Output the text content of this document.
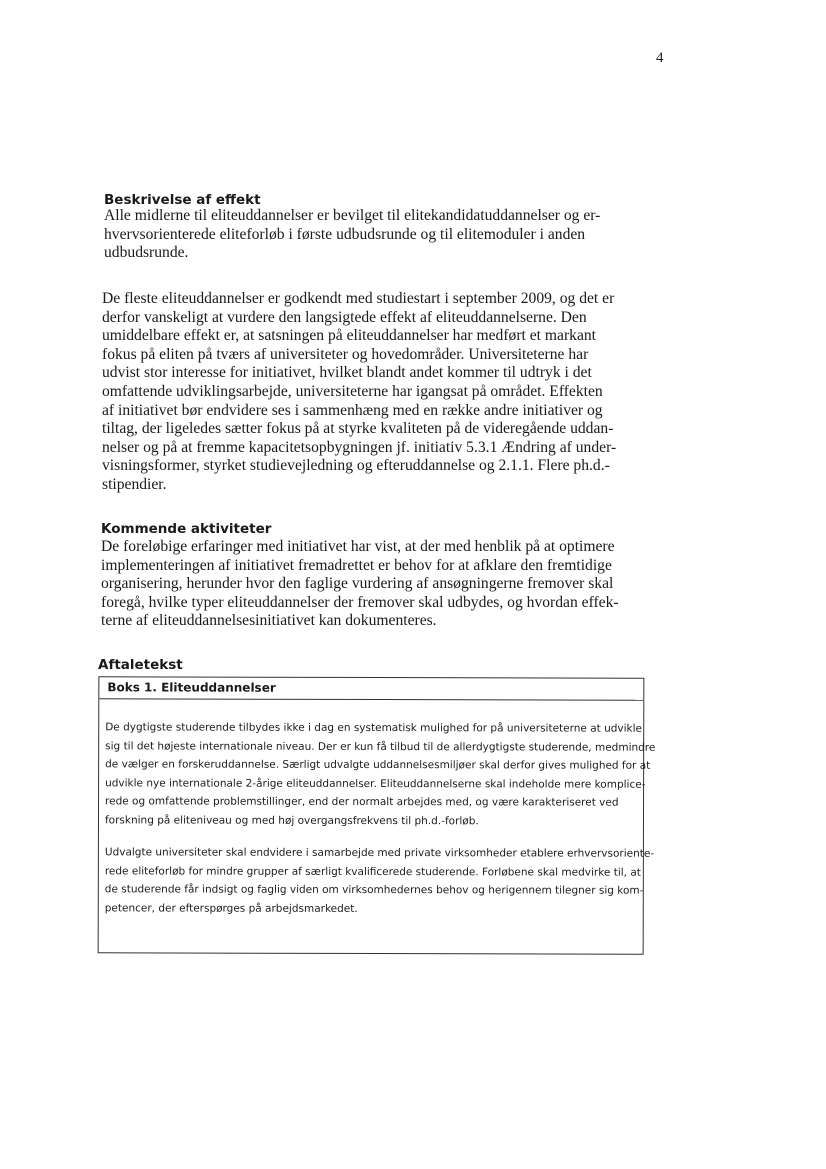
4
Beskrivelse af effekt

Alle midlerne til eliteuddannelser er bevilget til elitekandidatuddannelser og er-
hvervsorienterede eliteforløb i første udbudsrunde og til elitemoduler i anden
udbudsrunde.

De fleste eliteuddannelser er godkendt med studiestart i september 2009, og det er
derfor vanskeligt at vurdere den langsigtede effekt af eliteuddannelserne. Den
umiddelbare effekt er, at satsningen på eliteuddannelser har medført et markant
fokus på eliten på tværs af universiteter og hovedområder. Universiteterne har
udvist stor interesse for initiativet, hvilket blandt andet kommer til udtryk i det
omfattende udviklingsarbejde, universiteterne har igangsat på området. Effekten
af initiativet bør endvidere ses i sammenhæng med en række andre initiativer og
tiltag, der ligeledes sætter fokus på at styrke kvaliteten på de videregående uddan-
nelser og på at fremme kapacitetsopbygningen jf. initiativ 5.3.1 Ændring af under-
visningsformer, styrket studievejledning og efteruddannelse og 2.1.1. Flere ph.d.-
stipendier.

Kommende aktiviteter

De foreløbige erfaringer med initiativet har vist, at der med henblik på at optimere
implementeringen af initiativet fremadrettet er behov for at afklare den fremtidige
organisering, herunder hvor den faglige vurdering af ansøgningerne fremover skal
foregå, hvilke typer eliteuddannelser der fremover skal udbydes, og hvordan effek-
terne af eliteuddannelsesinitiativet kan dokumenteres.

Aftaletekst
Boks 1. Eliteuddannelser

De dygtigste studerende tilbydes ikke i dag en systematisk mulighed for på universiteterne at udvikle
sig til det højeste internationale niveau. Der er kun få tilbud til de allerdygtigste studerende, medmindre
de vælger en forskeruddannelse. Særligt udvalgte uddannelsesmiljøer skal derfor gives mulighed for at
udvikle nye internationale 2-årige eliteuddannelser. Eliteuddannelserne skal indeholde mere komplice-
rede og omfattende problemstillinger, end der normalt arbejdes med, og være karakteriseret ved
forskning på eliteniveau og med høj overgangsfrekvens til ph.d.-forløb.

Udvalgte universiteter skal endvidere i samarbejde med private virksomheder etablere erhvervsoriente-
rede eliteforløb for mindre grupper af særligt kvalificerede studerende. Forløbene skal medvirke til, at
de studerende får indsigt og faglig viden om virksomhedernes behov og herigennem tilegner sig kom-
petencer, der efterspørges på arbejdsmarkedet.
